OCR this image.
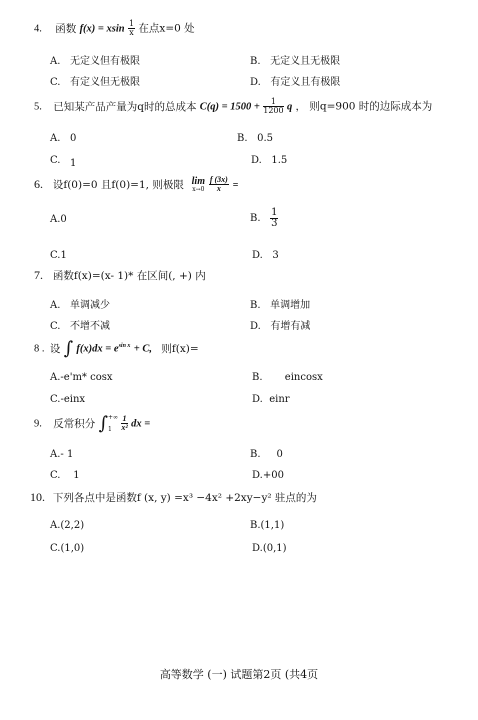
4. 函数 f(x) = xsin $\frac{1}{x}$ 在点x=0 处
A. 无定义但有极限	B. 无定义且无极限
C. 有定义但无极限	D. 有定义且有极限
5. 已知某产品产量为q时的总成本 $C(q) = 1500 + \frac{1}{1200}$ q ， 则q=900 时的边际成本为
A. 0	B. 0.5
C. 1	D. 1.5
6. 设f(0)=0 且f(0)=1, 则极限 lim
x→0
$\frac{f (3x)}{x}$ =
A.0	B. $\frac{1}{3}$
C.1	D. 3
7. 函数f(x)=(x- 1)* 在区间(, +) 内
A. 单调减少	B. 单调增加
C. 不增不减	D. 有增有减
8 . 设 ∫ $f(x)dx = e^{sin x} + C$, 则f(x)=
A.-e'm* cosx	B. eincosx
C.-einx	D. einr
9. 反常积分 ∫ +∞
1
	$\frac{1}{\text{x²}}$ dx =
A.- 1	B. 0
C. 1	D.+00
10. 下列各点中是函数f (x, y) =x³ −4x² +2xy−y² 驻点的为
A.(2,2)	B.(1,1)
C.(1,0)	D.(0,1)
高等数学 (一) 试题第2页 (共4页
